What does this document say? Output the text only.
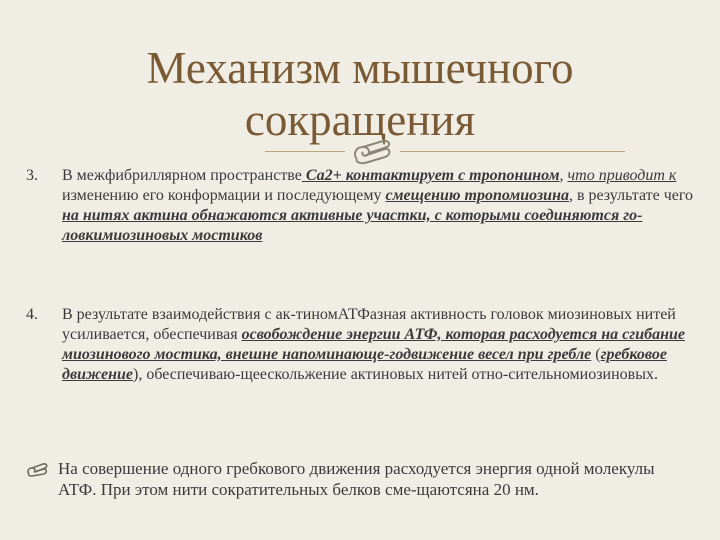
Механизм мышечного
сокращения
3.	В межфибриллярном пространстве Са2+ контактирует с тропонином, что приводит к изменению его конформации и последующему смещению тропомиозина, в результате чего на нитях актина обнажаются активные участки, с которыми соединяются го-ловкимиозиновых мостиков
4.	В результате взаимодействия с ак-тиномАТФазная активность головок миозиновых нитей усиливается, обеспечивая освобождение энергии АТФ, которая расходуется на сгибание миозинового мостика, внешне напоминающе-годвижение весел при гребле (гребковое движение), обеспечиваю-щеескольжение актиновых нитей отно-сительномиозиновых.
На совершение одного гребкового движения расходуется энергия одной молекулы АТФ. При этом нити сократительных белков сме-щаютсяна 20 нм.
